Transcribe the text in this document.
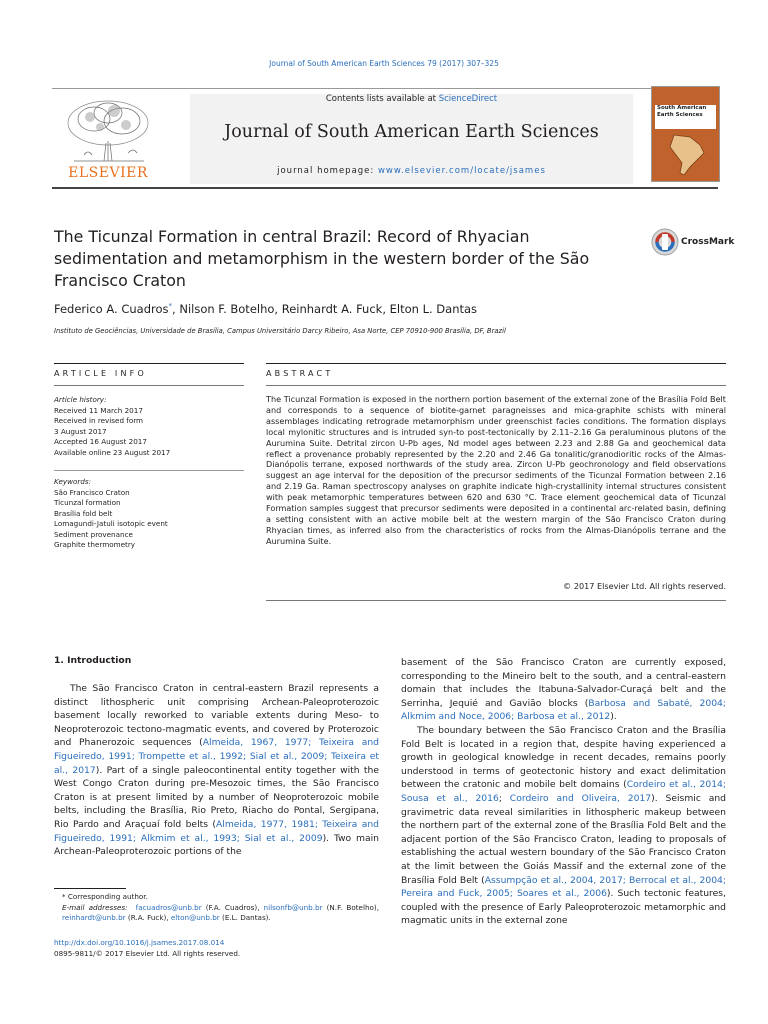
Journal of South American Earth Sciences 79 (2017) 307–325
Contents lists available at ScienceDirect
Journal of South American Earth Sciences
journal homepage: www.elsevier.com/locate/jsames
ELSEVIER
South American Earth Sciences
The Ticunzal Formation in central Brazil: Record of Rhyacian sedimentation and metamorphism in the western border of the São Francisco Craton
CrossMark
Federico A. Cuadros*, Nilson F. Botelho, Reinhardt A. Fuck, Elton L. Dantas
Instituto de Geociências, Universidade de Brasília, Campus Universitário Darcy Ribeiro, Asa Norte, CEP 70910-900 Brasília, DF, Brazil
ARTICLE INFO	ABSTRACT
Article history:
Received 11 March 2017
Received in revised form
3 August 2017
Accepted 16 August 2017
Available online 23 August 2017
Keywords:
São Francisco Craton
Ticunzal formation
Brasília fold belt
Lomagundi-Jatuli isotopic event
Sediment provenance
Graphite thermometry
The Ticunzal Formation is exposed in the northern portion basement of the external zone of the Brasília Fold Belt and corresponds to a sequence of biotite-garnet paragneisses and mica-graphite schists with mineral assemblages indicating retrograde metamorphism under greenschist facies conditions. The formation displays local mylonitic structures and is intruded syn-to post-tectonically by 2.11–2.16 Ga peraluminous plutons of the Aurumina Suite. Detrital zircon U-Pb ages, Nd model ages between 2.23 and 2.88 Ga and geochemical data reflect a provenance probably represented by the 2.20 and 2.46 Ga tonalitic/granodioritic rocks of the Almas-Dianópolis terrane, exposed northwards of the study area. Zircon U-Pb geochronology and field observations suggest an age interval for the deposition of the precursor sediments of the Ticunzal Formation between 2.16 and 2.19 Ga. Raman spectroscopy analyses on graphite indicate high-crystallinity internal structures consistent with peak metamorphic temperatures between 620 and 630 °C. Trace element geochemical data of Ticunzal Formation samples suggest that precursor sediments were deposited in a continental arc-related basin, defining a setting consistent with an active mobile belt at the western margin of the São Francisco Craton during Rhyacian times, as inferred also from the characteristics of rocks from the Almas-Dianópolis terrane and the Aurumina Suite.
© 2017 Elsevier Ltd. All rights reserved.
1. Introduction

The São Francisco Craton in central-eastern Brazil represents a distinct lithospheric unit comprising Archean-Paleoproterozoic basement locally reworked to variable extents during Meso- to Neoproterozoic tectono-magmatic events, and covered by Proterozoic and Phanerozoic sequences (Almeida, 1967, 1977; Teixeira and Figueiredo, 1991; Trompette et al., 1992; Sial et al., 2009; Teixeira et al., 2017). Part of a single paleocontinental entity together with the West Congo Craton during pre-Mesozoic times, the São Francisco Craton is at present limited by a number of Neoproterozoic mobile belts, including the Brasília, Rio Preto, Riacho do Pontal, Sergipana, Rio Pardo and Araçuaí fold belts (Almeida, 1977, 1981; Teixeira and Figueiredo, 1991; Alkmim et al., 1993; Sial et al., 2009). Two main Archean-Paleoproterozoic portions of the

basement of the São Francisco Craton are currently exposed, corresponding to the Mineiro belt to the south, and a central-eastern domain that includes the Itabuna-Salvador-Curaçá belt and the Serrinha, Jequié and Gavião blocks (Barbosa and Sabaté, 2004; Alkmim and Noce, 2006; Barbosa et al., 2012).

The boundary between the São Francisco Craton and the Brasília Fold Belt is located in a region that, despite having experienced a growth in geological knowledge in recent decades, remains poorly understood in terms of geotectonic history and exact delimitation between the cratonic and mobile belt domains (Cordeiro et al., 2014; Sousa et al., 2016; Cordeiro and Oliveira, 2017). Seismic and gravimetric data reveal similarities in lithospheric makeup between the northern part of the external zone of the Brasília Fold Belt and the adjacent portion of the São Francisco Craton, leading to proposals of establishing the actual western boundary of the São Francisco Craton at the limit between the Goiás Massif and the external zone of the Brasília Fold Belt (Assumpção et al., 2004, 2017; Berrocal et al., 2004; Pereira and Fuck, 2005; Soares et al., 2006). Such tectonic features, coupled with the presence of Early Paleoproterozoic metamorphic and magmatic units in the external zone

* Corresponding author.
E-mail addresses: facuadros@unb.br (F.A. Cuadros), nilsonfb@unb.br (N.F. Botelho), reinhardt@unb.br (R.A. Fuck), elton@unb.br (E.L. Dantas).
http://dx.doi.org/10.1016/j.jsames.2017.08.014
0895-9811/© 2017 Elsevier Ltd. All rights reserved.
